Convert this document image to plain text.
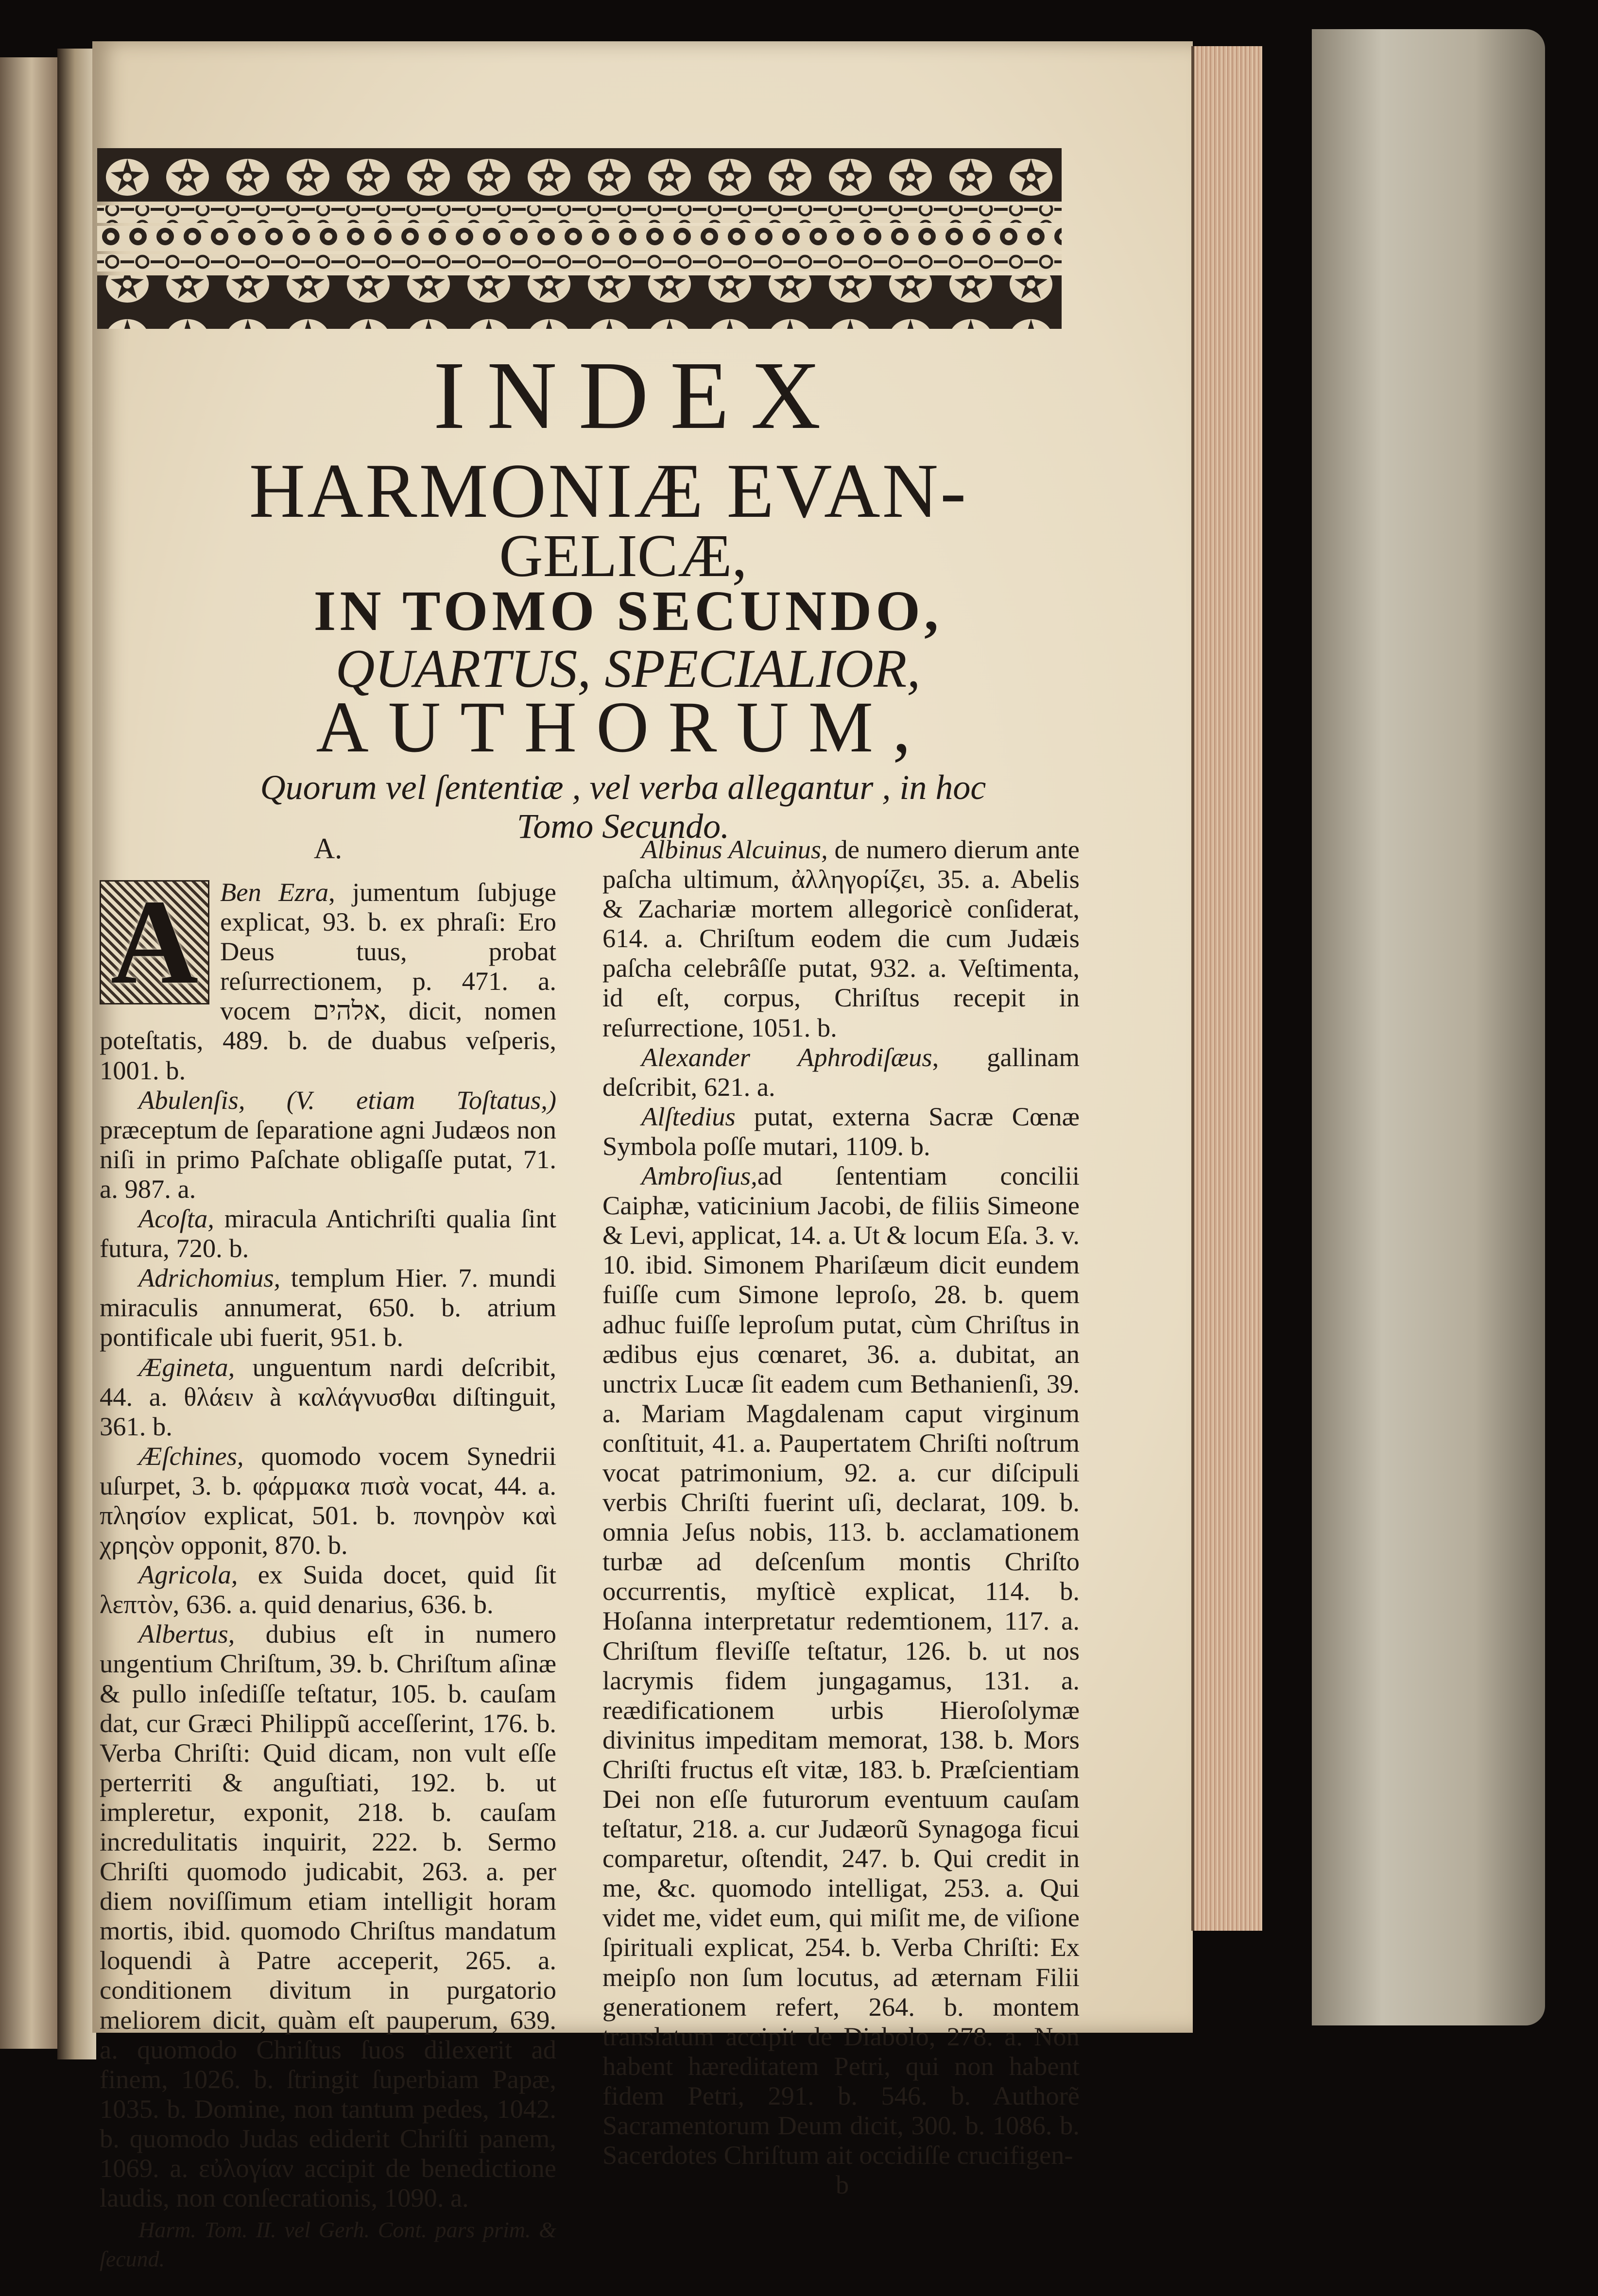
INDEX
HARMONIÆ EVAN-
GELICÆ,
IN TOMO SECUNDO,
QUARTUS, SPECIALIOR,
AUTHORUM,
Quorum vel ſententiæ , vel verba allegantur , in hoc
Tomo Secundo.
A.

A Ben Ezra, jumentum ſubjuge explicat, 93. b. ex phraſi: Ero Deus tuus, probat reſurrectionem, p. 471. a. vocem אלהים, dicit, nomen poteſtatis, 489. b. de duabus veſperis, 1001. b.

Abulenſis, (V. etiam Toſtatus,) præceptum de ſeparatione agni Judæos non niſi in primo Paſchate obligaſſe putat, 71. a. 987. a.

Acoſta, miracula Antichriſti qualia ſint futura, 720. b.

Adrichomius, templum Hier. 7. mundi miraculis annumerat, 650. b. atrium pontificale ubi fuerit, 951. b.

Ægineta, unguentum nardi deſcribit, 44. a. θλάειν à καλάγνυσθαι diſtinguit, 361. b.

Æſchines, quomodo vocem Synedrii uſurpet, 3. b. φάρμακα πισὰ vocat, 44. a. πλησίον explicat, 501. b. πονηρὸν καὶ χρηςὸν opponit, 870. b.

Agricola, ex Suida docet, quid ſit λεπτὸν, 636. a. quid denarius, 636. b.

Albertus, dubius eſt in numero ungentium Chriſtum, 39. b. Chriſtum aſinæ & pullo inſediſſe teſtatur, 105. b. cauſam dat, cur Græci Philippũ acceſſerint, 176. b. Verba Chriſti: Quid dicam, non vult eſſe perterriti & anguſtiati, 192. b. ut impleretur, exponit, 218. b. cauſam incredulitatis inquirit, 222. b. Sermo Chriſti quomodo judicabit, 263. a. per diem noviſſimum etiam intelligit horam mortis, ibid. quomodo Chriſtus mandatum loquendi à Patre acceperit, 265. a. conditionem divitum in purgatorio meliorem dicit, quàm eſt pauperum, 639. a. quomodo Chriſtus ſuos dilexerit ad finem, 1026. b. ſtringit ſuperbiam Papæ, 1035. b. Domine, non tantum pedes, 1042. b. quomodo Judas ediderit Chriſti panem, 1069. a. εὐλογίαν accipit de benedictione laudis, non conſecrationis, 1090. a.

Harm. Tom. II. vel Gerh. Cont. pars prim. & ſecund.

Albinus Alcuinus, de numero dierum ante paſcha ultimum, ἀλληγορίζει, 35. a. Abelis & Zachariæ mortem allegoricè conſiderat, 614. a. Chriſtum eodem die cum Judæis paſcha celebrâſſe putat, 932. a. Veſtimenta, id eſt, corpus, Chriſtus recepit in reſurrectione, 1051. b.

Alexander Aphrodiſæus, gallinam deſcribit, 621. a.

Alſtedius putat, externa Sacræ Cœnæ Symbola poſſe mutari, 1109. b.

Ambroſius,ad ſententiam concilii Caiphæ, vaticinium Jacobi, de filiis Simeone & Levi, applicat, 14. a. Ut & locum Eſa. 3. v. 10. ibid. Simonem Phariſæum dicit eundem fuiſſe cum Simone leproſo, 28. b. quem adhuc fuiſſe leproſum putat, cùm Chriſtus in ædibus ejus cœnaret, 36. a. dubitat, an unctrix Lucæ ſit eadem cum Bethanienſi, 39. a. Mariam Magdalenam caput virginum conſtituit, 41. a. Paupertatem Chriſti noſtrum vocat patrimonium, 92. a. cur diſcipuli verbis Chriſti fuerint uſi, declarat, 109. b. omnia Jeſus nobis, 113. b. acclamationem turbæ ad deſcenſum montis Chriſto occurrentis, myſticè explicat, 114. b. Hoſanna interpretatur redemtionem, 117. a. Chriſtum fleviſſe teſtatur, 126. b. ut nos lacrymis fidem jungagamus, 131. a. reædificationem urbis Hieroſolymæ divinitus impeditam memorat, 138. b. Mors Chriſti fructus eſt vitæ, 183. b. Præſcientiam Dei non eſſe futurorum eventuum cauſam teſtatur, 218. a. cur Judæorũ Synagoga ficui comparetur, oſtendit, 247. b. Qui credit in me, &c. quomodo intelligat, 253. a. Qui videt me, videt eum, qui miſit me, de viſione ſpirituali explicat, 254. b. Verba Chriſti: Ex meipſo non ſum locutus, ad æternam Filii generationem refert, 264. b. montem translatum accipit de Diabolo, 278. a. Non habent hæreditatem Petri, qui non habent fidem Petri, 291. b. 546. b. Authorẽ Sacramentorum Deum dicit, 300. b. 1086. b. Sacerdotes Chriſtum ait occidiſſe crucifigen-

b
